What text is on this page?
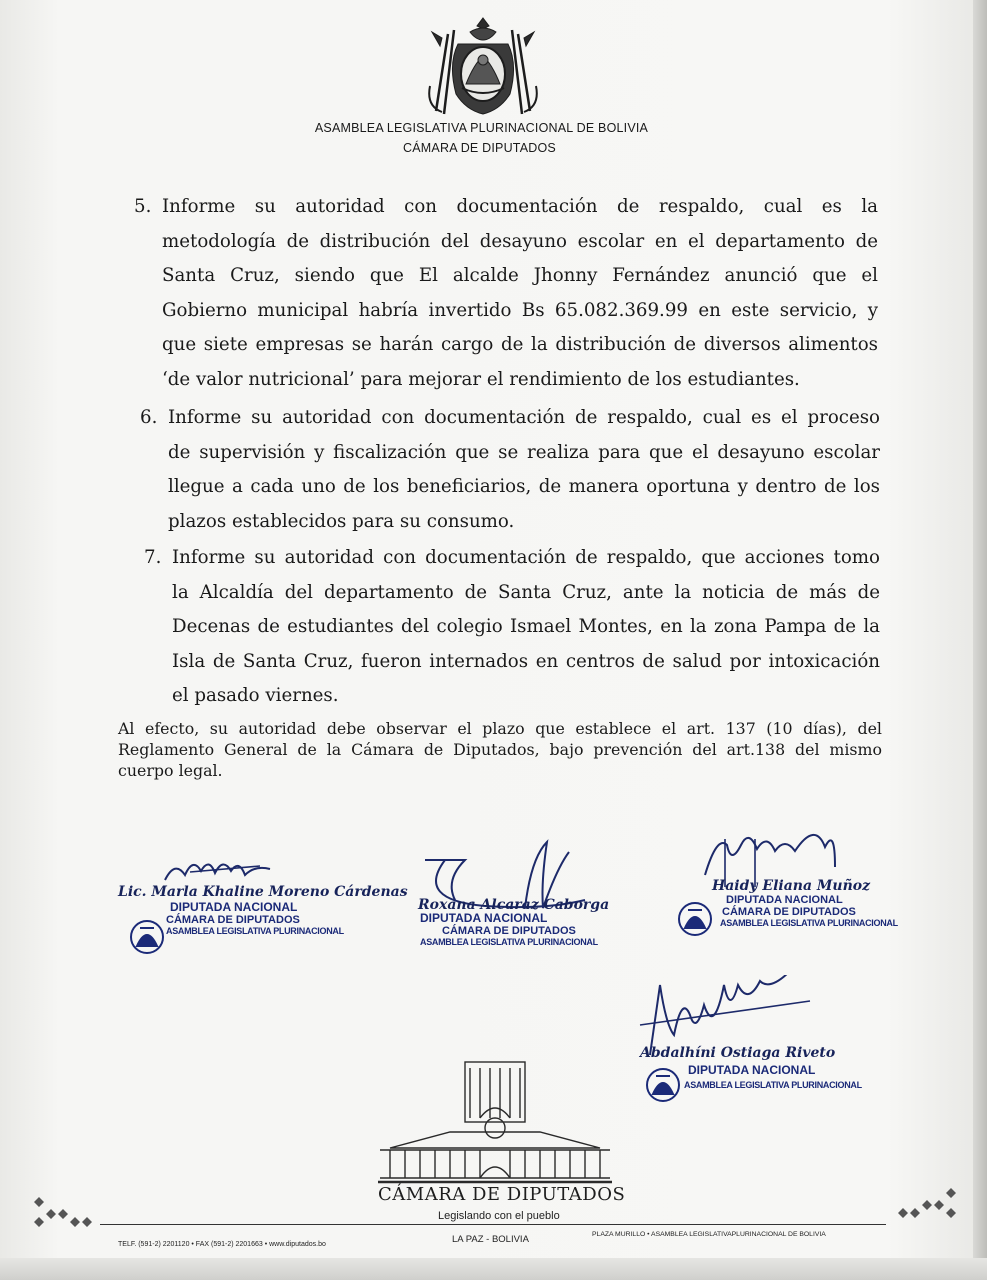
ASAMBLEA LEGISLATIVA PLURINACIONAL DE BOLIVIA
CÁMARA DE DIPUTADOS
5. Informe su autoridad con documentación de respaldo, cual es la
metodología de distribución del desayuno escolar en el departamento de
Santa Cruz, siendo que El alcalde Jhonny Fernández anunció que el
Gobierno municipal habría invertido Bs 65.082.369.99 en este servicio, y
que siete empresas se harán cargo de la distribución de diversos alimentos
‘de valor nutricional’ para mejorar el rendimiento de los estudiantes.
6. Informe su autoridad con documentación de respaldo, cual es el proceso
de supervisión y fiscalización que se realiza para que el desayuno escolar
llegue a cada uno de los beneficiarios, de manera oportuna y dentro de los
plazos establecidos para su consumo.
7. Informe su autoridad con documentación de respaldo, que acciones tomo
la Alcaldía del departamento de Santa Cruz, ante la noticia de más de
Decenas de estudiantes del colegio Ismael Montes, en la zona Pampa de la
Isla de Santa Cruz, fueron internados en centros de salud por intoxicación
el pasado viernes.
Al efecto, su autoridad debe observar el plazo que establece el art. 137 (10 días), del
Reglamento General de la Cámara de Diputados, bajo prevención del art.138 del mismo
cuerpo legal.
Lic. Marla Khaline Moreno Cárdenas
DIPUTADA NACIONAL
CÁMARA DE DIPUTADOS
ASAMBLEA LEGISLATIVA PLURINACIONAL
Roxana Alcaraz Caborga
DIPUTADA NACIONAL
CÁMARA DE DIPUTADOS
ASAMBLEA LEGISLATIVA PLURINACIONAL
Haidy Eliana Muñoz
DIPUTADA NACIONAL
CÁMARA DE DIPUTADOS
ASAMBLEA LEGISLATIVA PLURINACIONAL
Abdalhíni Ostiaga Riveto
DIPUTADA NACIONAL
ASAMBLEA LEGISLATIVA PLURINACIONAL
CÁMARA DE DIPUTADOS
Legislando con el pueblo
TELF. (591-2) 2201120 • FAX (591-2) 2201663 • www.diputados.bo	LA PAZ - BOLIVIA	PLAZA MURILLO • ASAMBLEA LEGISLATIVAPLURINACIONAL DE BOLIVIA
